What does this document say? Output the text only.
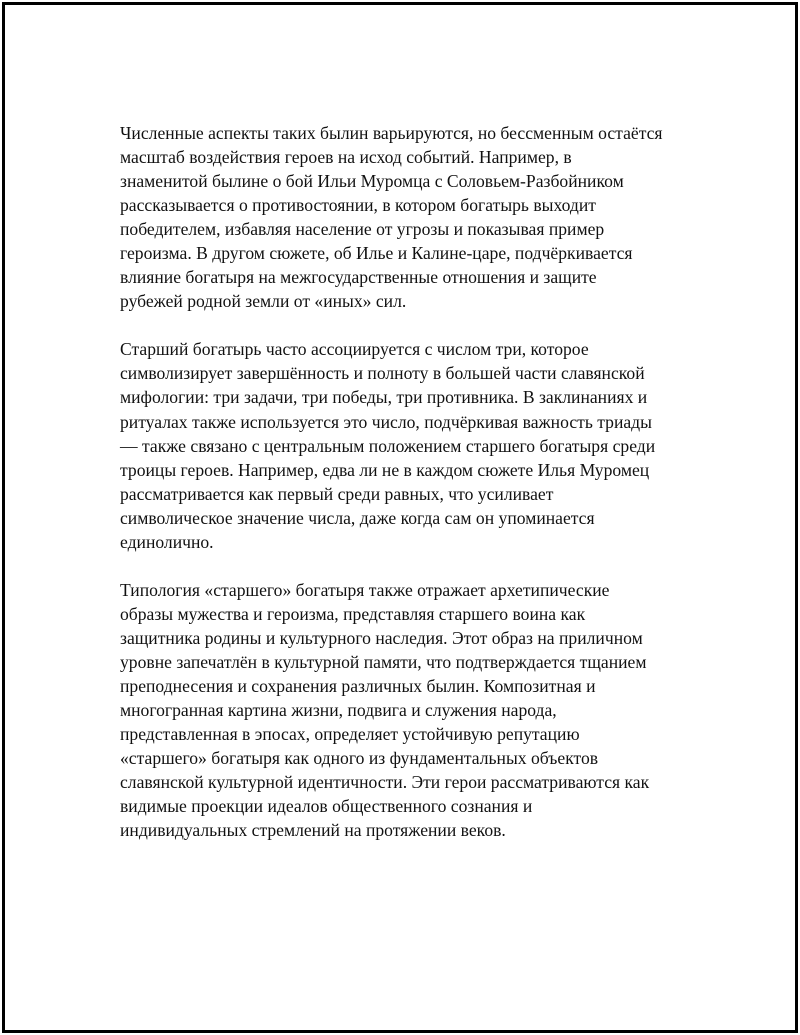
Численные аспекты таких былин варьируются, но бессменным остаётся
масштаб воздействия героев на исход событий. Например, в
знаменитой былине о бой Ильи Муромца с Соловьем-Разбойником
рассказывается о противостоянии, в котором богатырь выходит
победителем, избавляя население от угрозы и показывая пример
героизма. В другом сюжете, об Илье и Калине-царе, подчёркивается
влияние богатыря на межгосударственные отношения и защите
рубежей родной земли от «иных» сил.

Старший богатырь часто ассоциируется с числом три, которое
символизирует завершённость и полноту в большей части славянской
мифологии: три задачи, три победы, три противника. В заклинаниях и
ритуалах также используется это число, подчёркивая важность триады
— также связано с центральным положением старшего богатыря среди
троицы героев. Например, едва ли не в каждом сюжете Илья Муромец
рассматривается как первый среди равных, что усиливает
символическое значение числа, даже когда сам он упоминается
единолично.

Типология «старшего» богатыря также отражает архетипические
образы мужества и героизма, представляя старшего воина как
защитника родины и культурного наследия. Этот образ на приличном
уровне запечатлён в культурной памяти, что подтверждается тщанием
преподнесения и сохранения различных былин. Композитная и
многогранная картина жизни, подвига и служения народа,
представленная в эпосах, определяет устойчивую репутацию
«старшего» богатыря как одного из фундаментальных объектов
славянской культурной идентичности. Эти герои рассматриваются как
видимые проекции идеалов общественного сознания и
индивидуальных стремлений на протяжении веков.
